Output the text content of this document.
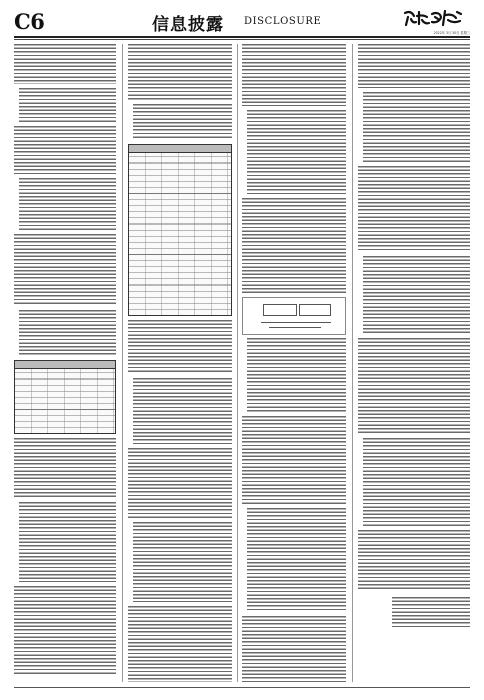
C6	信息披露 DISCLOSURE
2022年 3月 30日 星期三
